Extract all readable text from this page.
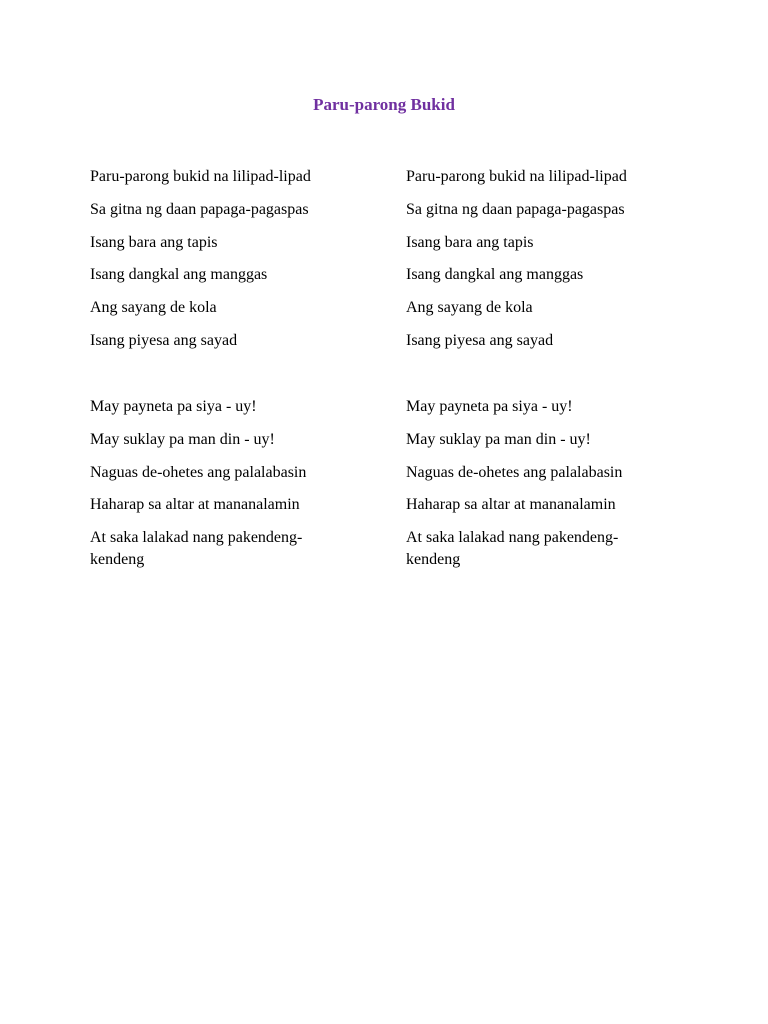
Paru-parong Bukid
Paru-parong bukid na lilipad-lipad
Sa gitna ng daan papaga-pagaspas
Isang bara ang tapis
Isang dangkal ang manggas
Ang sayang de kola
Isang piyesa ang sayad
Paru-parong bukid na lilipad-lipad
Sa gitna ng daan papaga-pagaspas
Isang bara ang tapis
Isang dangkal ang manggas
Ang sayang de kola
Isang piyesa ang sayad
May payneta pa siya - uy!
May suklay pa man din - uy!
Naguas de-ohetes ang palalabasin
Haharap sa altar at mananalamin
At saka lalakad nang pakendeng-kendeng
May payneta pa siya - uy!
May suklay pa man din - uy!
Naguas de-ohetes ang palalabasin
Haharap sa altar at mananalamin
At saka lalakad nang pakendeng-kendeng
